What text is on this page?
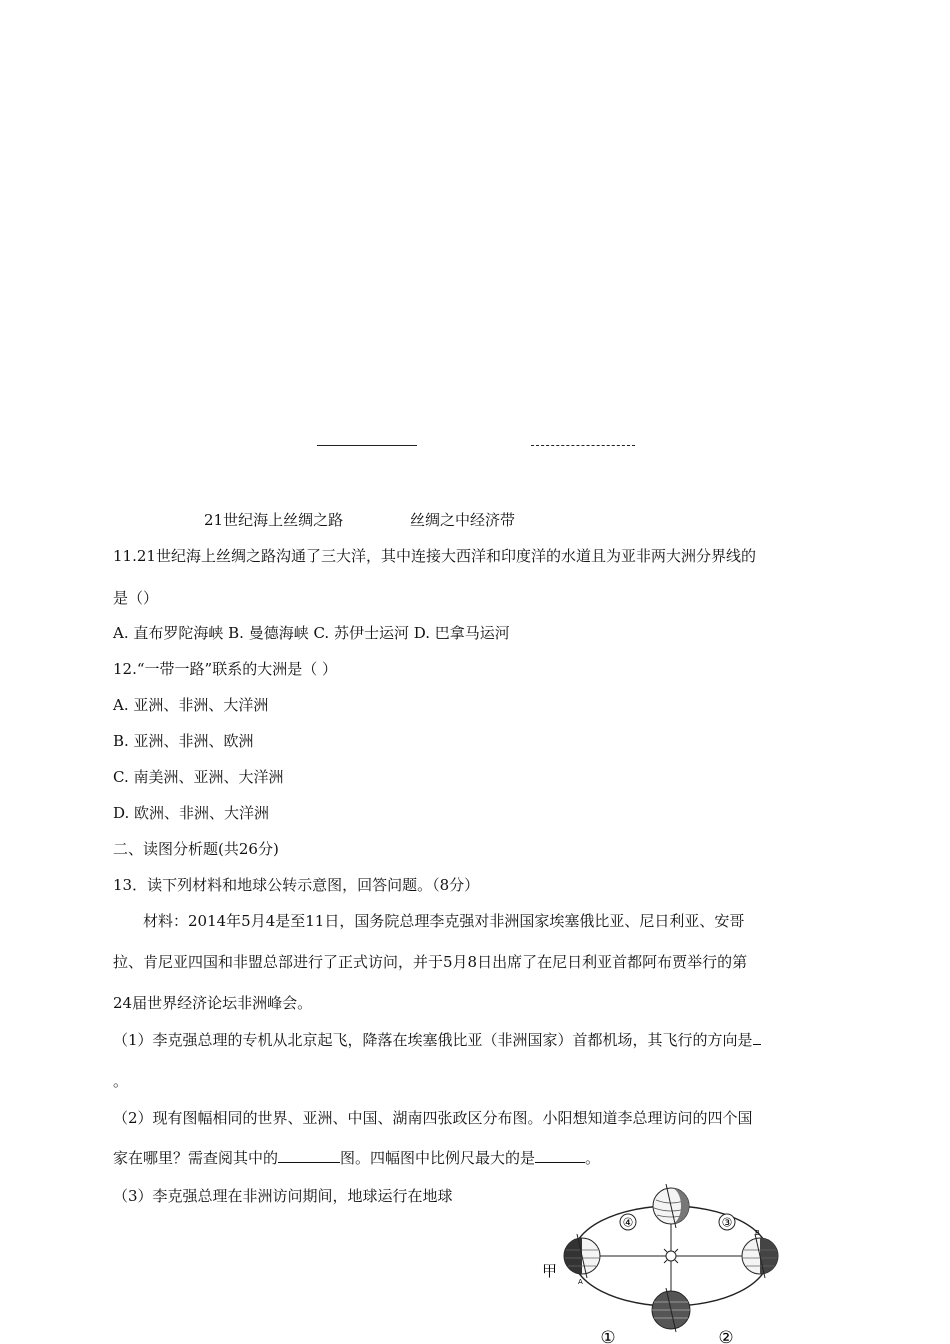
21世纪海上丝绸之路	丝绸之中经济带
11.21世纪海上丝绸之路沟通了三大洋，其中连接大西洋和印度洋的水道且为亚非两大洲分界线的
是（）
A. 直布罗陀海峡 B. 曼德海峡 C. 苏伊士运河 D. 巴拿马运河
12.“一带一路”联系的大洲是（ ）
A. 亚洲、非洲、大洋洲
B. 亚洲、非洲、欧洲
C. 南美洲、亚洲、大洋洲
D. 欧洲、非洲、大洋洲
二、读图分析题(共26分)
13．读下列材料和地球公转示意图，回答问题。（8分）
材料：2014年5月4是至11日，国务院总理李克强对非洲国家埃塞俄比亚、尼日利亚、安哥
拉、肯尼亚四国和非盟总部进行了正式访问，并于5月8日出席了在尼日利亚首都阿布贾举行的第
24届世界经济论坛非洲峰会。
（1）李克强总理的专机从北京起飞，降落在埃塞俄比亚（非洲国家）首都机场，其飞行的方向是
。
（2）现有图幅相同的世界、亚洲、中国、湖南四张政区分布图。小阳想知道李总理访问的四个国
家在哪里？需查阅其中的	图。四幅图中比例尺最大的是	。
（3）李克强总理在非洲访问期间，地球运行在地球
④	③
①	②
甲
A
B
